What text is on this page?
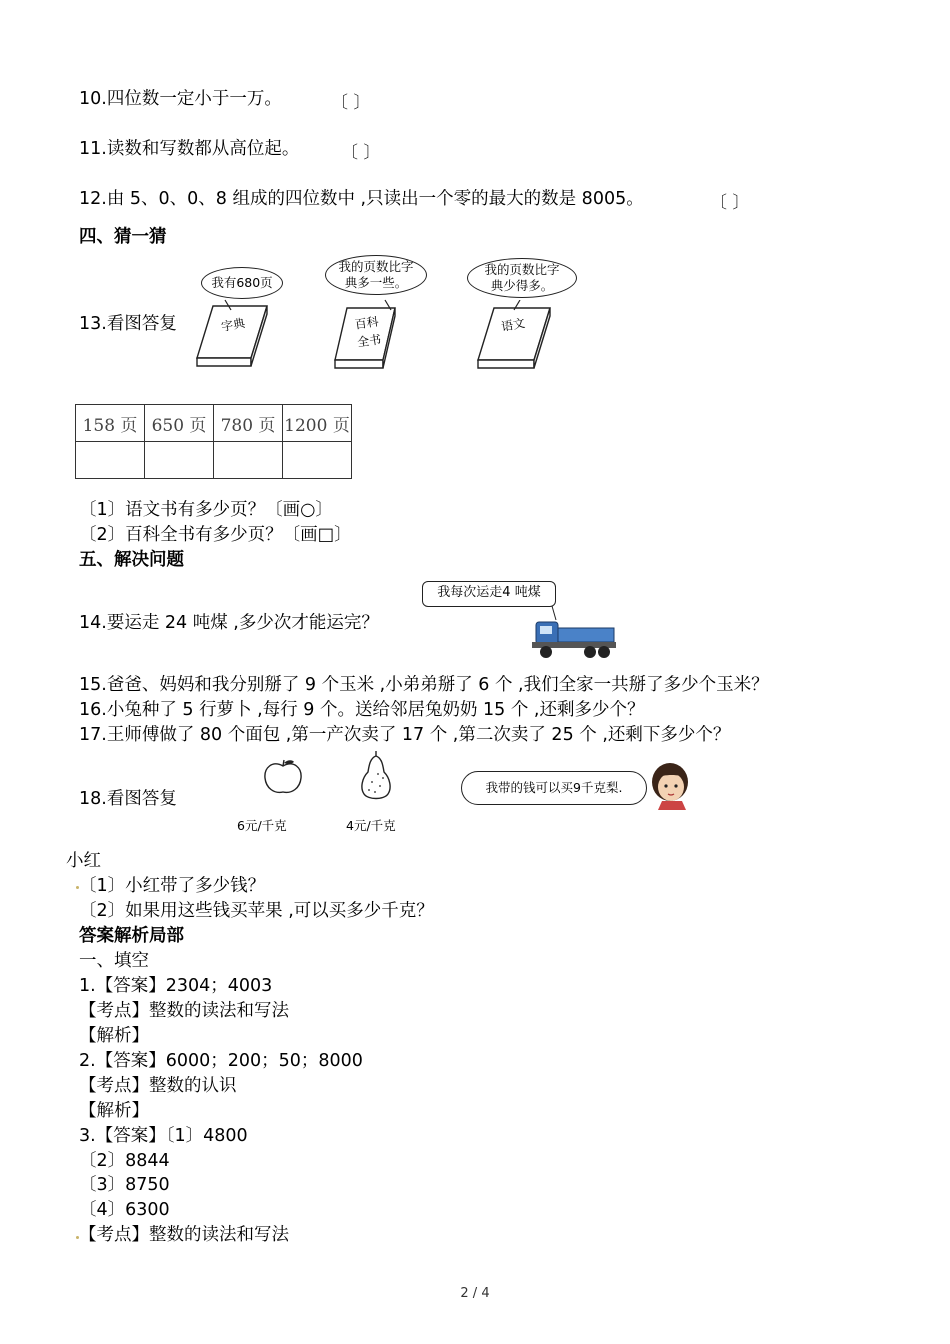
10.四位数一定小于一万。	〔 〕
11.读数和写数都从高位起。 〔 〕
12.由 5、0、0、8 组成的四位数中 ,只读出一个零的最大的数是 8005。	〔 〕
四、猜一猜
13.看图答复
我有680页
字典
我的页数比字典多一些。
百科全书
我的页数比字典少得多。
语文
158 页	650 页	780 页	1200 页

〔1〕语文书有多少页？〔画○〕
〔2〕百科全书有多少页？〔画□〕
五、解决问题
我每次运走4 吨煤
14.要运走 24 吨煤 ,多少次才能运完？
15.爸爸、妈妈和我分别掰了 9 个玉米 ,小弟弟掰了 6 个 ,我们全家一共掰了多少个玉米？
16.小兔种了 5 行萝卜 ,每行 9 个。送给邻居兔奶奶 15 个 ,还剩多少个？
17.王师傅做了 80 个面包 ,第一产次卖了 17 个 ,第二次卖了 25 个 ,还剩下多少个？
18.看图答复
6元/千克	4元/千克
我带的钱可以买9千克梨.
小红
〔1〕小红带了多少钱？
〔2〕如果用这些钱买苹果 ,可以买多少千克？
答案解析局部
一、填空
1.【答案】2304；4003
【考点】整数的读法和写法
【解析】
2.【答案】6000；200；50；8000
【考点】整数的认识
【解析】
3.【答案】〔1〕4800
〔2〕8844
〔3〕8750
〔4〕6300
【考点】整数的读法和写法
2 / 4
